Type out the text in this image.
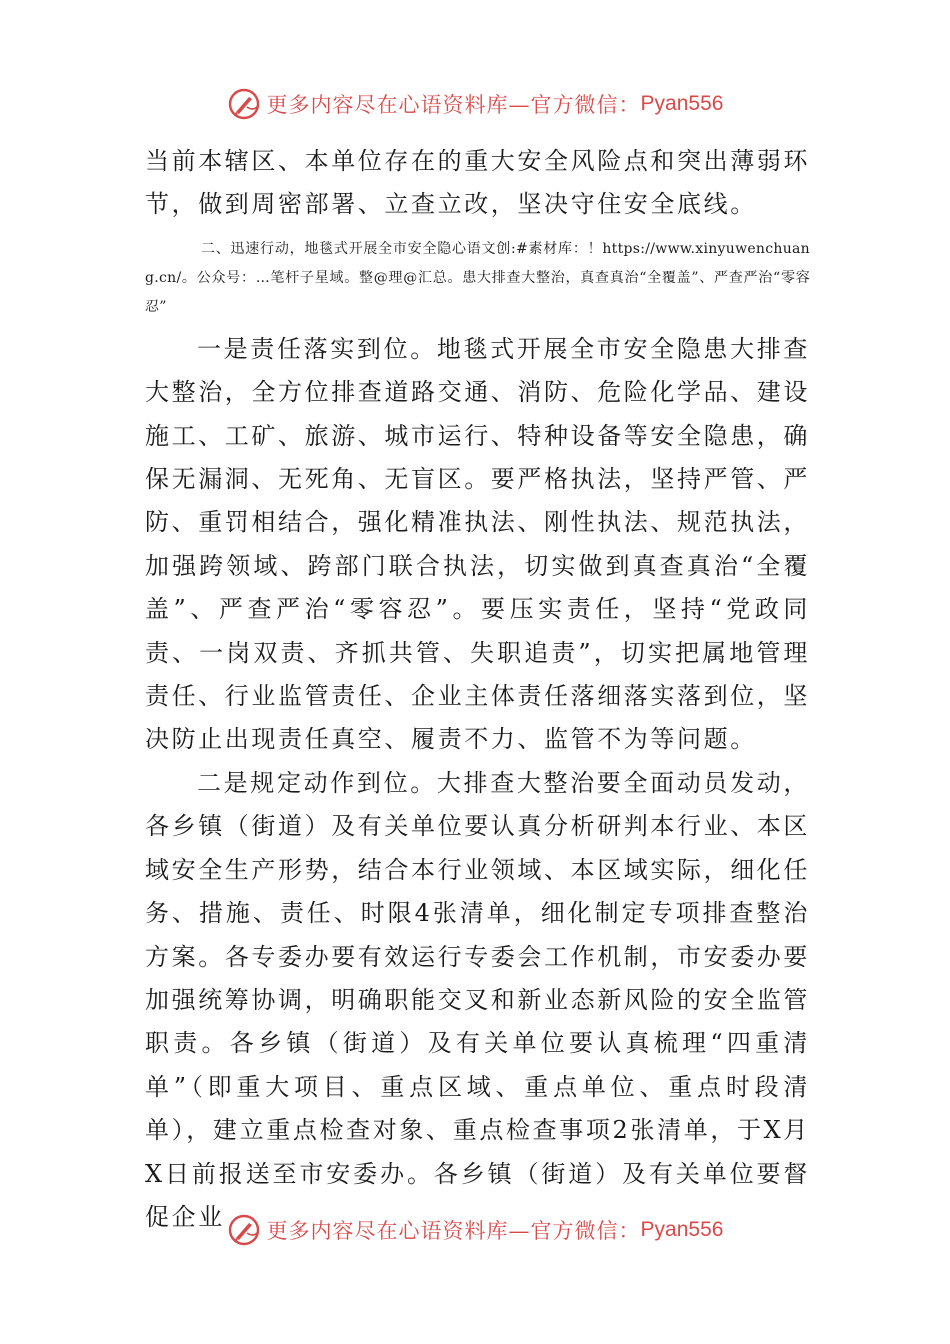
更多内容尽在心语资料库—官方微信： Pyan556

当前本辖区、本单位存在的重大安全风险点和突出薄弱环节，做到周密部署、立查立改，坚决守住安全底线。

二、迅速行动，地毯式开展全市安全隐心语文创:#素材库：！https://www.xinyuwenchuang.cn/。公众号：…笔杆子星域。整@理@汇总。患大排查大整治，真查真治“全覆盖”、严查严治“零容忍”

一是责任落实到位。地毯式开展全市安全隐患大排查大整治，全方位排查道路交通、消防、危险化学品、建设施工、工矿、旅游、城市运行、特种设备等安全隐患，确保无漏洞、无死角、无盲区。要严格执法，坚持严管、严防、重罚相结合，强化精准执法、刚性执法、规范执法，加强跨领域、跨部门联合执法，切实做到真查真治“全覆盖”、严查严治“零容忍”。要压实责任，坚持“党政同责、一岗双责、齐抓共管、失职追责”，切实把属地管理责任、行业监管责任、企业主体责任落细落实落到位，坚决防止出现责任真空、履责不力、监管不为等问题。

二是规定动作到位。大排查大整治要全面动员发动，各乡镇（街道）及有关单位要认真分析研判本行业、本区域安全生产形势，结合本行业领域、本区域实际，细化任务、措施、责任、时限4张清单，细化制定专项排查整治方案。各专委办要有效运行专委会工作机制，市安委办要加强统筹协调，明确职能交叉和新业态新风险的安全监管职责。各乡镇（街道）及有关单位要认真梳理“四重清单”（即重大项目、重点区域、重点单位、重点时段清单），建立重点检查对象、重点检查事项2张清单，于X月X日前报送至市安委办。各乡镇（街道）及有关单位要督促企业

更多内容尽在心语资料库—官方微信： Pyan556
